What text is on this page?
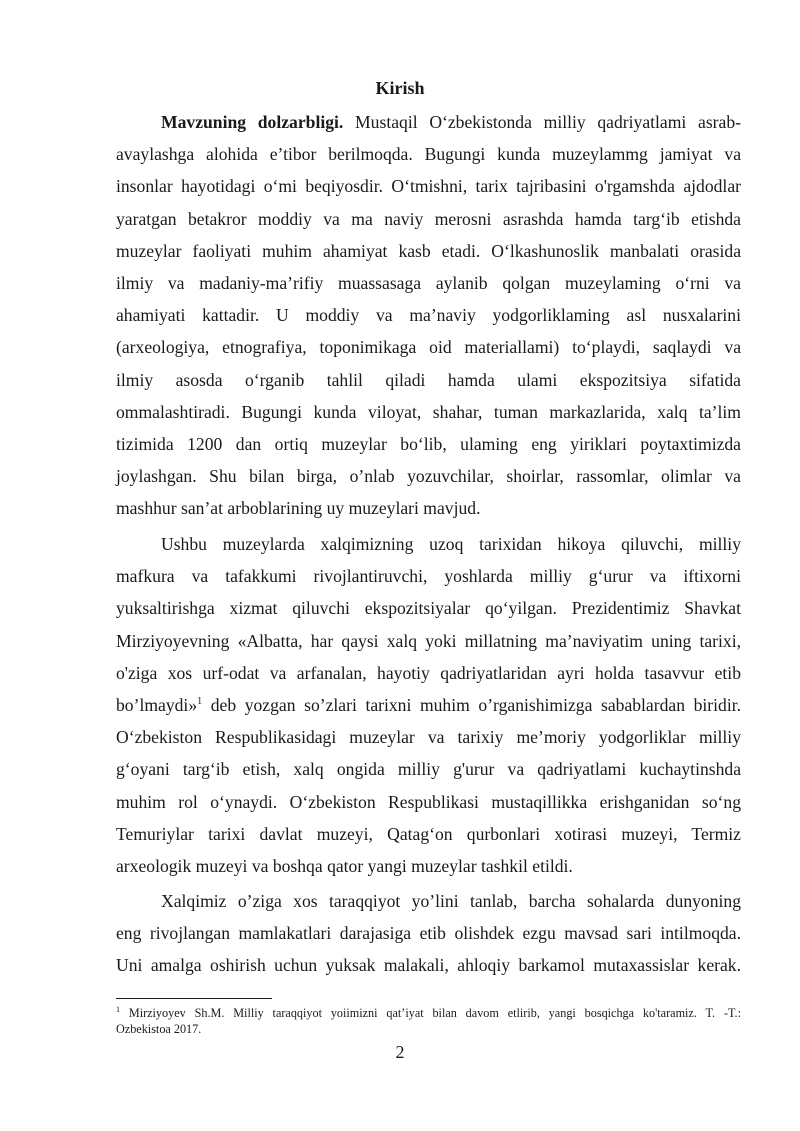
Kirish
Mavzuning dolzarbligi. Mustaqil O‘zbekistonda milliy qadriyatlami asrab-
avaylashga alohida e’tibor berilmoqda. Bugungi kunda muzeylammg jamiyat va
insonlar hayotidagi o‘mi beqiyosdir. O‘tmishni, tarix tajribasini o'rgamshda ajdodlar
yaratgan betakror moddiy va ma naviy merosni asrashda hamda targ‘ib etishda
muzeylar faoliyati muhim ahamiyat kasb etadi. O‘lkashunoslik manbalati orasida
ilmiy va madaniy-ma’rifiy muassasaga aylanib qolgan muzeylaming o‘rni va
ahamiyati kattadir. U moddiy va ma’naviy yodgorliklaming asl nusxalarini
(arxeologiya, etnografiya, toponimikaga oid materiallami) to‘playdi, saqlaydi va
ilmiy asosda o‘rganib tahlil qiladi hamda ulami ekspozitsiya sifatida
ommalashtiradi. Bugungi kunda viloyat, shahar, tuman markazlarida, xalq ta’lim
tizimida 1200 dan ortiq muzeylar bo‘lib, ulaming eng yiriklari poytaxtimizda
joylashgan. Shu bilan birga, o’nlab yozuvchilar, shoirlar, rassomlar, olimlar va
mashhur san’at arboblarining uy muzeylari mavjud.
Ushbu muzeylarda xalqimizning uzoq tarixidan hikoya qiluvchi, milliy
mafkura va tafakkumi rivojlantiruvchi, yoshlarda milliy g‘urur va iftixorni
yuksaltirishga xizmat qiluvchi ekspozitsiyalar qo‘yilgan. Prezidentimiz Shavkat
Mirziyoyevning «Albatta, har qaysi xalq yoki millatning ma’naviyatim uning tarixi,
o'ziga xos urf-odat va arfanalan, hayotiy qadriyatlaridan ayri holda tasavvur etib
bo’lmaydi»$^1$ deb yozgan so’zlari tarixni muhim o’rganishimizga sabablardan biridir.
O‘zbekiston Respublikasidagi muzeylar va tarixiy me’moriy yodgorliklar milliy
g‘oyani targ‘ib etish, xalq ongida milliy g'urur va qadriyatlami kuchaytinshda
muhim rol o‘ynaydi. O‘zbekiston Respublikasi mustaqillikka erishganidan so‘ng
Temuriylar tarixi davlat muzeyi, Qatag‘on qurbonlari xotirasi muzeyi, Termiz
arxeologik muzeyi va boshqa qator yangi muzeylar tashkil etildi.
Xalqimiz o’ziga xos taraqqiyot yo’lini tanlab, barcha sohalarda dunyoning
eng rivojlangan mamlakatlari darajasiga etib olishdek ezgu mavsad sari intilmoqda.
Uni amalga oshirish uchun yuksak malakali, ahloqiy barkamol mutaxassislar kerak.
$^1$ Mirziyoyev Sh.M. Milliy taraqqiyot yoiimizni qat’iyat bilan davom etlirib, yangi bosqichga ko'taramiz. T. -T.:
Ozbekistoa 2017.
2
